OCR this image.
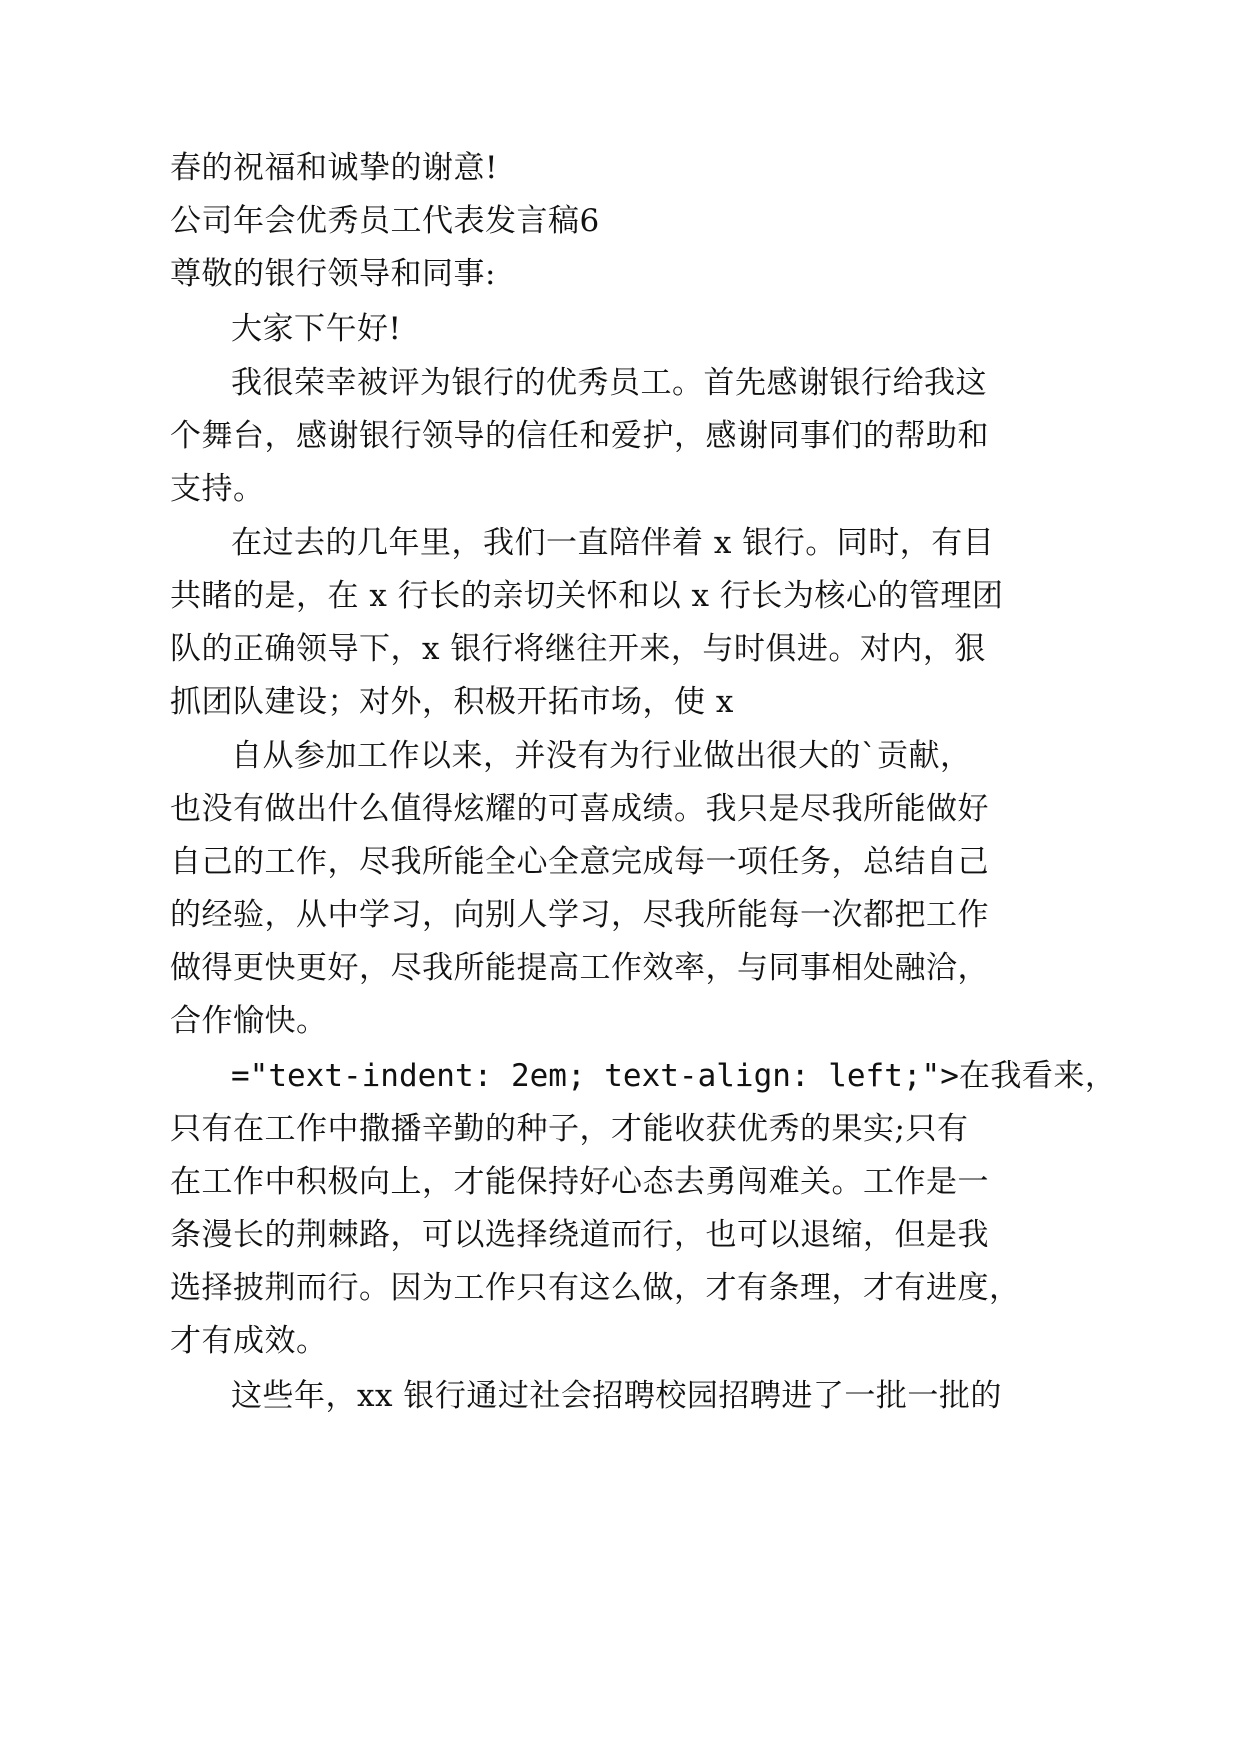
春的祝福和诚挚的谢意!
公司年会优秀员工代表发言稿6
尊敬的银行领导和同事:
大家下午好!
我很荣幸被评为银行的优秀员工。首先感谢银行给我这
个舞台，感谢银行领导的信任和爱护，感谢同事们的帮助和
支持。
在过去的几年里，我们一直陪伴着 x 银行。同时，有目
共睹的是，在 x 行长的亲切关怀和以 x 行长为核心的管理团
队的正确领导下，x 银行将继往开来，与时俱进。对内，狠
抓团队建设；对外，积极开拓市场，使 x
自从参加工作以来，并没有为行业做出很大的`贡献，
也没有做出什么值得炫耀的可喜成绩。我只是尽我所能做好
自己的工作，尽我所能全心全意完成每一项任务，总结自己
的经验，从中学习，向别人学习，尽我所能每一次都把工作
做得更快更好，尽我所能提高工作效率，与同事相处融洽，
合作愉快。
="text-indent: 2em; text-align: left;">在我看来，
只有在工作中撒播辛勤的种子，才能收获优秀的果实;只有
在工作中积极向上，才能保持好心态去勇闯难关。工作是一
条漫长的荆棘路，可以选择绕道而行，也可以退缩，但是我
选择披荆而行。因为工作只有这么做，才有条理，才有进度，
才有成效。
这些年，xx 银行通过社会招聘校园招聘进了一批一批的
